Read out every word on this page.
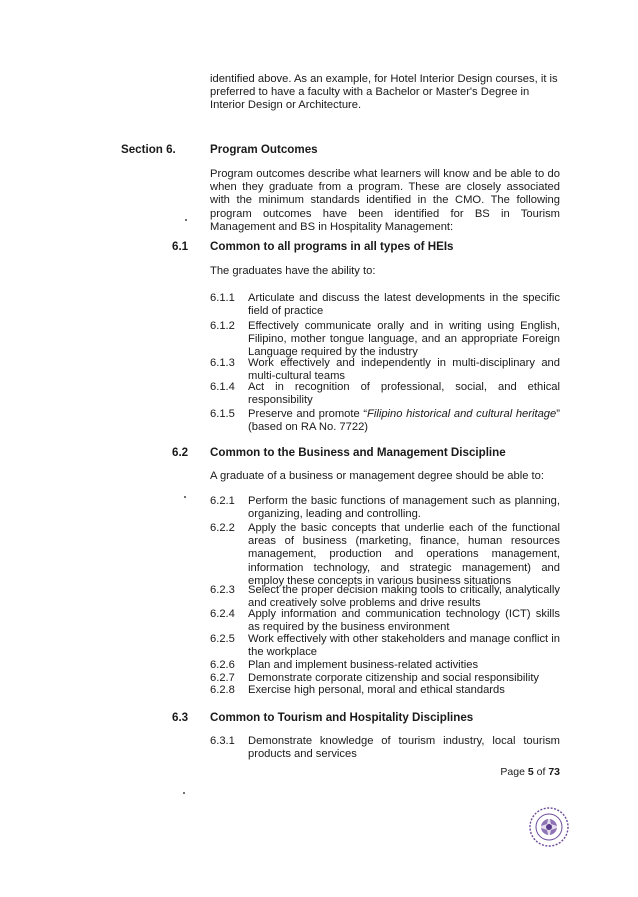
identified above. As an example, for Hotel Interior Design courses, it is preferred to have a faculty with a Bachelor or Master's Degree in Interior Design or Architecture.
Section 6.	Program Outcomes
Program outcomes describe what learners will know and be able to do when they graduate from a program. These are closely associated with the minimum standards identified in the CMO. The following program outcomes have been identified for BS in Tourism Management and BS in Hospitality Management:
6.1 Common to all programs in all types of HEIs
The graduates have the ability to:
6.1.1	Articulate and discuss the latest developments in the specific field of practice
6.1.2	Effectively communicate orally and in writing using English, Filipino, mother tongue language, and an appropriate Foreign Language required by the industry
6.1.3	Work effectively and independently in multi-disciplinary and multi-cultural teams
6.1.4	Act in recognition of professional, social, and ethical responsibility
6.1.5	Preserve and promote “Filipino historical and cultural heritage” (based on RA No. 7722)
6.2 Common to the Business and Management Discipline
A graduate of a business or management degree should be able to:
6.2.1	Perform the basic functions of management such as planning, organizing, leading and controlling.
6.2.2	Apply the basic concepts that underlie each of the functional areas of business (marketing, finance, human resources management, production and operations management, information technology, and strategic management) and employ these concepts in various business situations
6.2.3	Select the proper decision making tools to critically, analytically and creatively solve problems and drive results
6.2.4	Apply information and communication technology (ICT) skills as required by the business environment
6.2.5	Work effectively with other stakeholders and manage conflict in the workplace
6.2.6	Plan and implement business-related activities
6.2.7	Demonstrate corporate citizenship and social responsibility
6.2.8	Exercise high personal, moral and ethical standards
6.3 Common to Tourism and Hospitality Disciplines
6.3.1	Demonstrate knowledge of tourism industry, local tourism products and services
Page 5 of 73
